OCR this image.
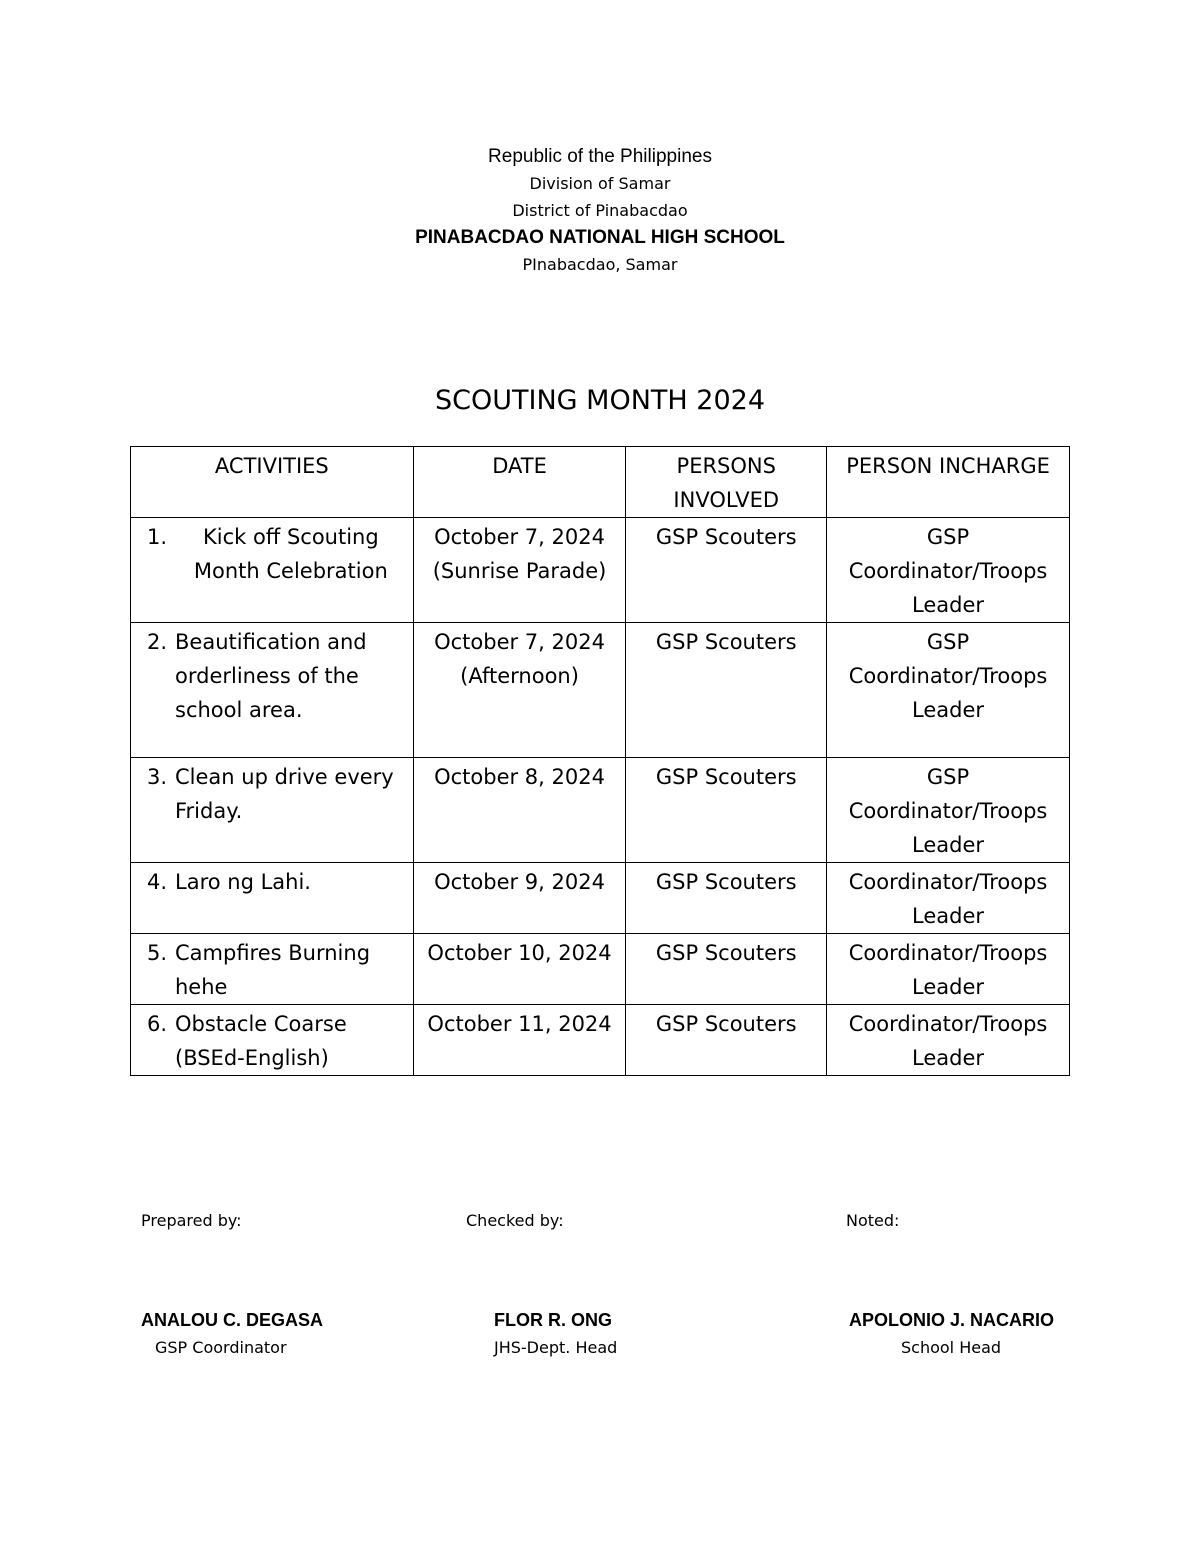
Republic of the Philippines
Division of Samar
District of Pinabacdao
PINABACDAO NATIONAL HIGH SCHOOL
PInabacdao, Samar
SCOUTING MONTH 2024
ACTIVITIES	DATE	PERSONS INVOLVED	PERSON INCHARGE

1. Kick off Scouting Month Celebration	October 7, 2024 (Sunrise Parade)	GSP Scouters	GSP Coordinator/Troops Leader

2. Beautification and orderliness of the school area.	October 7, 2024 (Afternoon)	GSP Scouters	GSP Coordinator/Troops Leader

3. Clean up drive every Friday.	October 8, 2024	GSP Scouters	GSP Coordinator/Troops Leader

4. Laro ng Lahi.	October 9, 2024	GSP Scouters	Coordinator/Troops Leader

5. Campfires Burning hehe	October 10, 2024	GSP Scouters	Coordinator/Troops Leader

6. Obstacle Coarse (BSEd-English)	October 11, 2024	GSP Scouters	Coordinator/Troops Leader
Prepared by:	Checked by:	Noted:
ANALOU C. DEGASA	FLOR R. ONG	APOLONIO J. NACARIO
GSP Coordinator	JHS-Dept. Head	School Head
